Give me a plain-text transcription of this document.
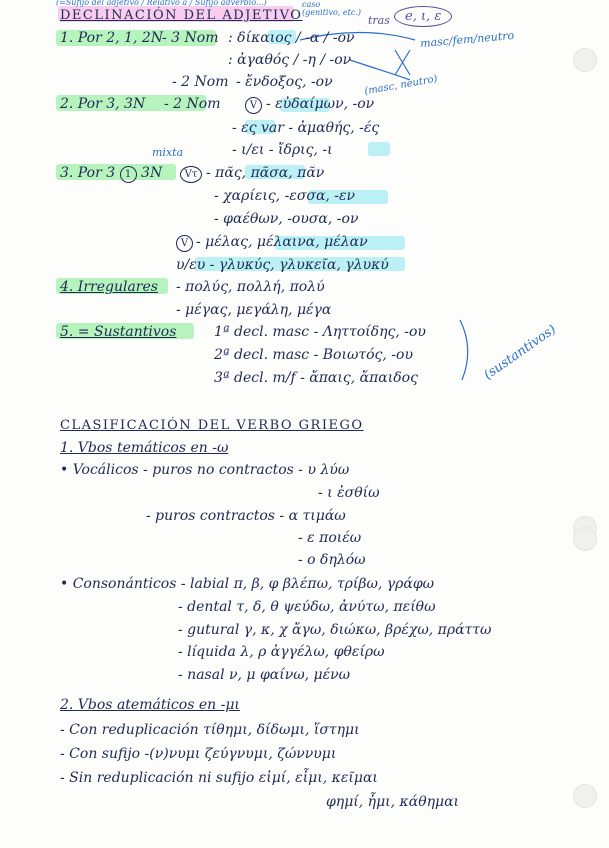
(=Sufijo del adjetivo / Relativo a / Sufijo adverbio...)	caso
(genitivo, etc.)
tras	e, ι, ε
masc/fem/neutro
(masc, neutro)
mixta
(sustantivos)
DECLINACIÓN DEL ADJETIVO
1. Por 2, 1, 2N
- 3 Nom : δίκαιος / -α / -ον
: ἀγαθός / -η / -ον
- 2 Nom - ἔνδοξος, -ον
2. Por 3, 3N - 2 Nom	V - εὐδαίμων, -ον
- ες var - ἀμαθής, -ές
- ι/ει - ἴδρις, -ι
3. Por 3 1 3N	Vτ - πᾶς, πᾶσα, πᾶν
- χαρίεις, -εσσα, -εν
- φαέθων, -ουσα, -ον
V - μέλας, μέλαινα, μέλαν
υ/ευ - γλυκύς, γλυκεῖα, γλυκύ
4. Irregulares - πολύς, πολλή, πολύ
- μέγας, μεγάλη, μέγα
5. = Sustantivos	1ª decl. masc - Ληττοίδης, -ου
2ª decl. masc - Βοιωτός, -ου
3ª decl. m/f - ἄπαις, ἄπαιδος
CLASIFICACIÓN DEL VERBO GRIEGO
1. Vbos temáticos en -ω
• Vocálicos - puros no contractos - υ λύω
- ι ἐσθίω
- puros contractos - α τιμάω
- ε ποιέω
- ο δηλόω
• Consonánticos - labial π, β, φ βλέπω, τρίβω, γράφω
- dental τ, δ, θ ψεύδω, ἀνύτω, πείθω
- gutural γ, κ, χ ἄγω, διώκω, βρέχω, πράττω
- líquida λ, ρ ἀγγέλω, φθείρω
- nasal ν, μ φαίνω, μένω
2. Vbos atemáticos en -μι
- Con reduplicación τίθημι, δίδωμι, ἵστημι
- Con sufijo -(ν)νυμι ζεύγνυμι, ζώννυμι
- Sin reduplicación ni sufijo εἰμί, εἶμι, κεῖμαι
φημί, ἧμι, κάθημαι
